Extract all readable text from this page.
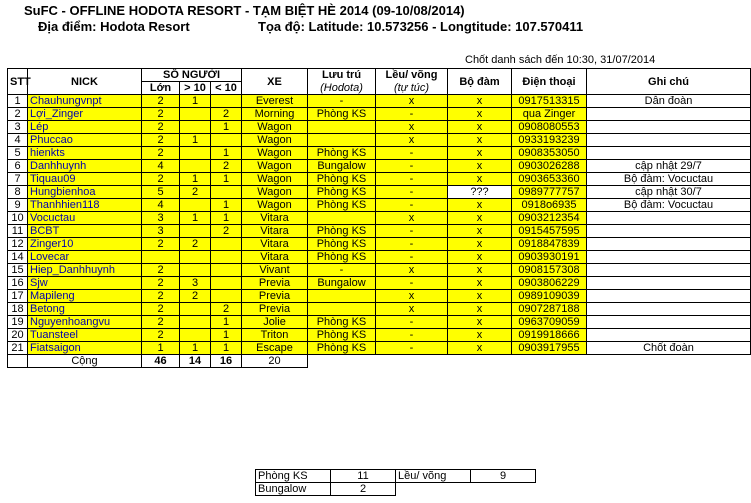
SuFC - OFFLINE HODOTA RESORT - TẠM BIỆT HÈ 2014 (09-10/08/2014)
Địa điểm: Hodota Resort	Tọa độ: Latitude: 10.573256 - Longtitude: 107.570411
Chốt danh sách đến 10:30, 31/07/2014
STT	NICK	SỐ NGƯỜI			XE	Lưu trú	Lều/ võng	Bộ đàm	Điện thoại	Ghi chú
		Lớn	> 10	< 10		(Hodota)	(tự túc)			
1	Chauhungvnpt	2	1		Everest	-	x	x	0917513315	Dẫn đoàn
2	Lợi_Zinger	2		2	Morning	Phòng KS	-	x	qua Zinger	
3	Lép	2		1	Wagon		x	x	0908080553	
4	Phuccao	2	1		Wagon		x	x	0933193239	
5	hienkts	2		1	Wagon	Phòng KS	-	x	0908353050	
6	Danhhuynh	4		2	Wagon	Bungalow	-	x	0903026288	cập nhật 29/7
7	Tiquau09	2	1	1	Wagon	Phòng KS	-	x	0903653360	Bộ đàm: Vocuctau
8	Hungbienhoa	5	2		Wagon	Phòng KS	-	???	0989777757	cập nhật 30/7
9	Thanhhien118	4		1	Wagon	Phòng KS	-	x	0918o6935	Bộ đàm: Vocuctau
10	Vocuctau	3	1	1	Vitara		x	x	0903212354	
11	BCBT	3		2	Vitara	Phòng KS	-	x	0915457595	
12	Zinger10	2	2		Vitara	Phòng KS	-	x	0918847839	
14	Lovecar				Vitara	Phòng KS	-	x	0903930191	
15	Hiep_Danhhuynh	2			Vivant	-	x	x	0908157308	
16	Sjw	2	3		Previa	Bungalow	-	x	0903806229	
17	Mapileng	2	2		Previa		x	x	0989109039	
18	Betong	2		2	Previa		x	x	0907287188	
19	Nguyenhoangvu	2		1	Jolie	Phòng KS	-	x	0963709059	
20	Tuansteel	2		1	Triton	Phòng KS	-	x	0919918666	
21	Fiatsaigon	1	1	1	Escape	Phòng KS	-	x	0903917955	Chốt đoàn
	Cộng	46	14	16	20					
Phòng KS	11	Lều/ võng	9
Bungalow	2		
